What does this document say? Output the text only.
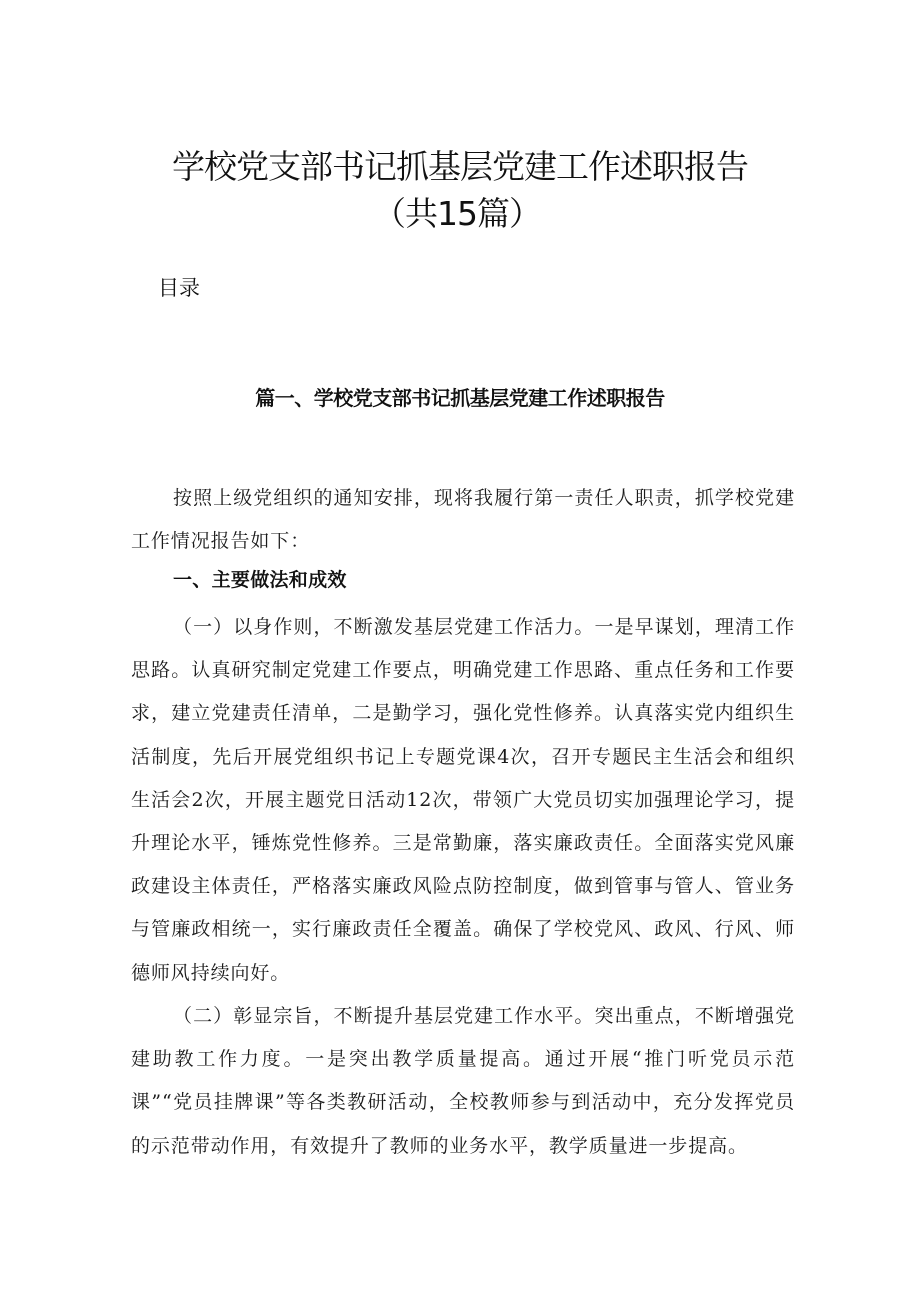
学校党支部书记抓基层党建工作述职报告
（共15篇）

目录

篇一、学校党支部书记抓基层党建工作述职报告

按照上级党组织的通知安排，现将我履行第一责任人职责，抓学校党建工作情况报告如下：

一、主要做法和成效

（一）以身作则，不断激发基层党建工作活力。一是早谋划，理清工作思路。认真研究制定党建工作要点，明确党建工作思路、重点任务和工作要求，建立党建责任清单，二是勤学习，强化党性修养。认真落实党内组织生活制度，先后开展党组织书记上专题党课4次，召开专题民主生活会和组织生活会2次，开展主题党日活动12次，带领广大党员切实加强理论学习，提升理论水平，锤炼党性修养。三是常勤廉，落实廉政责任。全面落实党风廉政建设主体责任，严格落实廉政风险点防控制度，做到管事与管人、管业务与管廉政相统一，实行廉政责任全覆盖。确保了学校党风、政风、行风、师德师风持续向好。

（二）彰显宗旨，不断提升基层党建工作水平。突出重点，不断增强党建助教工作力度。一是突出教学质量提高。通过开展“推门听党员示范课”“党员挂牌课”等各类教研活动，全校教师参与到活动中，充分发挥党员的示范带动作用，有效提升了教师的业务水平，教学质量进一步提高。
